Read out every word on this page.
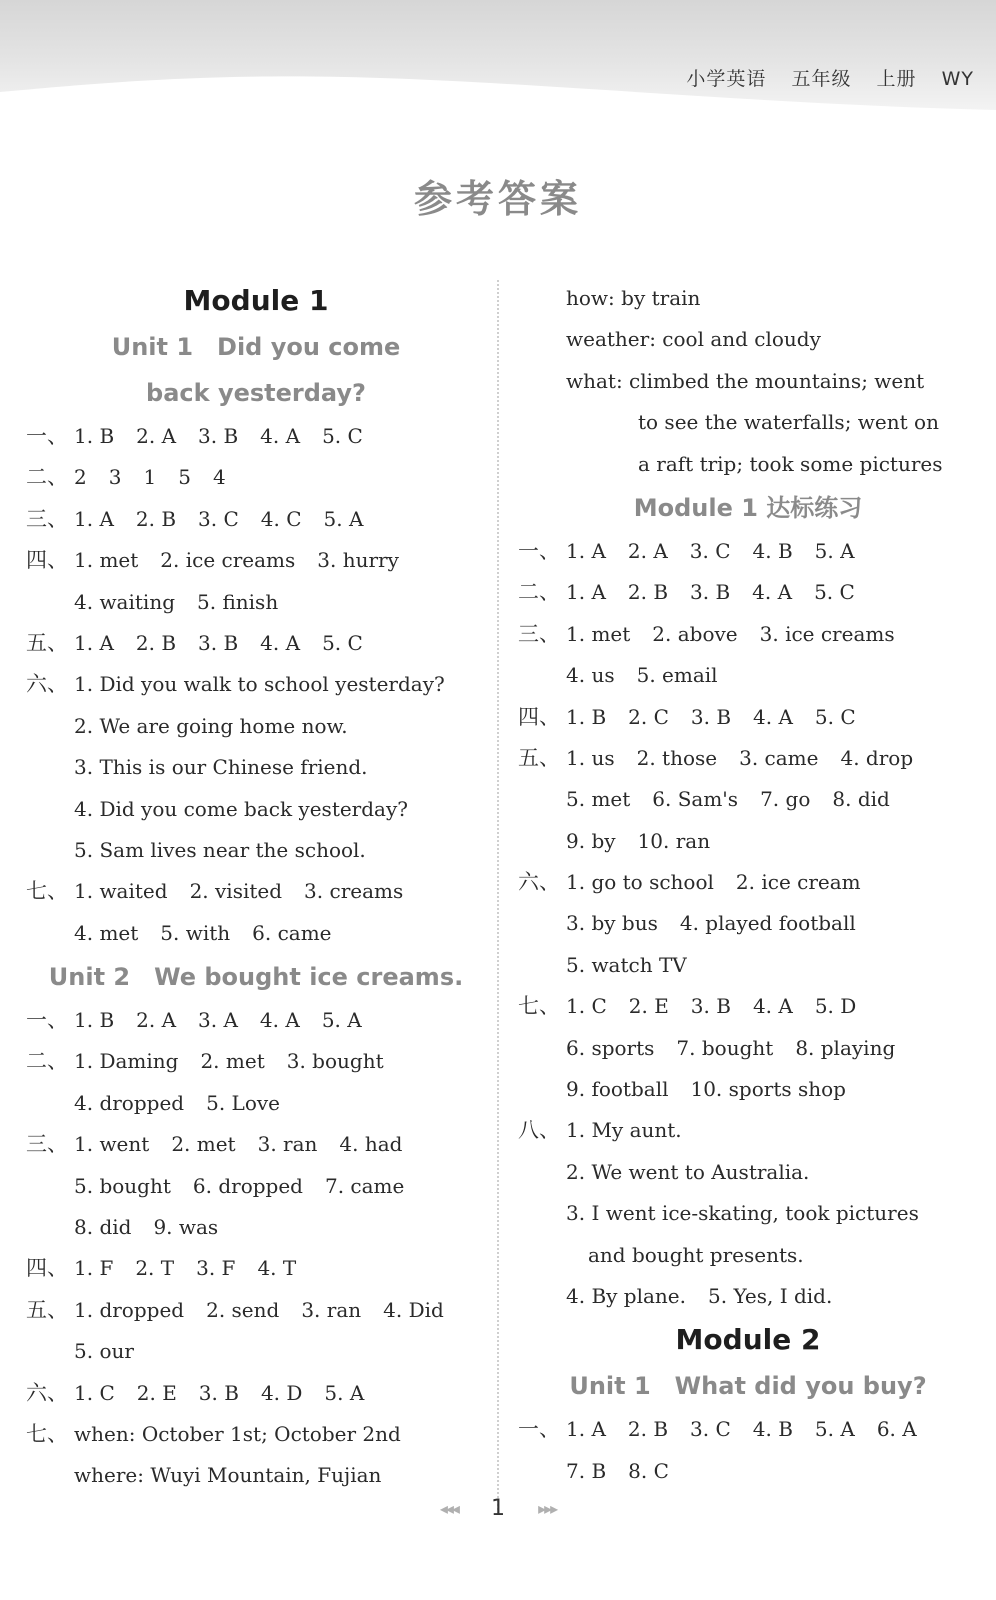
小学英语 五年级 上册 WY
参考答案
Module 1
Unit 1　Did you come
back yesterday?
一、 1. B 2. A 3. B 4. A 5. C
二、 2 3 1 5 4
三、 1. A 2. B 3. C 4. C 5. A
四、 1. met 2. ice creams 3. hurry
4. waiting 5. finish
五、 1. A 2. B 3. B 4. A 5. C
六、 1. Did you walk to school yesterday?
2. We are going home now.
3. This is our Chinese friend.
4. Did you come back yesterday?
5. Sam lives near the school.
七、 1. waited 2. visited 3. creams
4. met 5. with 6. came
Unit 2　We bought ice creams.
一、 1. B 2. A 3. A 4. A 5. A
二、 1. Daming 2. met 3. bought
4. dropped 5. Love
三、 1. went 2. met 3. ran 4. had
5. bought 6. dropped 7. came
8. did 9. was
四、 1. F 2. T 3. F 4. T
五、 1. dropped 2. send 3. ran 4. Did
5. our
六、 1. C 2. E 3. B 4. D 5. A
七、 when: October 1st; October 2nd
where: Wuyi Mountain, Fujian
how: by train
weather: cool and cloudy
what: climbed the mountains; went
to see the waterfalls; went on
a raft trip; took some pictures
Module 1 达标练习
一、 1. A 2. A 3. C 4. B 5. A
二、 1. A 2. B 3. B 4. A 5. C
三、 1. met 2. above 3. ice creams
4. us 5. email
四、 1. B 2. C 3. B 4. A 5. C
五、 1. us 2. those 3. came 4. drop
5. met 6. Sam's 7. go 8. did
9. by 10. ran
六、 1. go to school 2. ice cream
3. by bus 4. played football
5. watch TV
七、 1. C 2. E 3. B 4. A 5. D
6. sports 7. bought 8. playing
9. football 10. sports shop
八、 1. My aunt.
2. We went to Australia.
3. I went ice-skating, took pictures
and bought presents.
4. By plane. 5. Yes, I did.
Module 2
Unit 1　What did you buy?
一、 1. A 2. B 3. C 4. B 5. A 6. A
7. B 8. C
◂◂◂ 1 ▸▸▸
